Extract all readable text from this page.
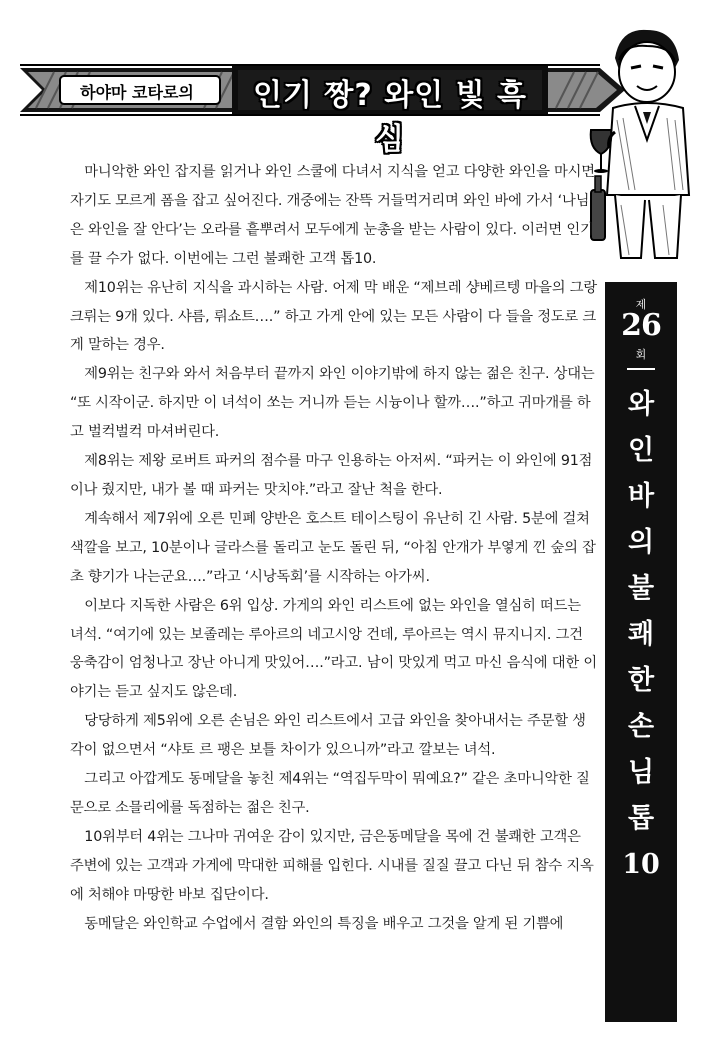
하야마 코타로의	인기 짱? 와인 빛 흑심
제
26
회
와
인
바
의
불
쾌
한
손
님
톱
10

마니악한 와인 잡지를 읽거나 와인 스쿨에 다녀서 지식을 얻고 다양한 와인을 마시면 자기도 모르게 폼을 잡고 싶어진다. 개중에는 잔뜩 거들먹거리며 와인 바에 가서 ‘나님은 와인을 잘 안다’는 오라를 흩뿌려서 모두에게 눈총을 받는 사람이 있다. 이러면 인기를 끌 수가 없다. 이번에는 그런 불쾌한 고객 톱10.

제10위는 유난히 지식을 과시하는 사람. 어제 막 배운 “제브레 샹베르텡 마을의 그랑 크뤼는 9개 있다. 샤름, 뤼쇼트….” 하고 가게 안에 있는 모든 사람이 다 들을 정도로 크게 말하는 경우.

제9위는 친구와 와서 처음부터 끝까지 와인 이야기밖에 하지 않는 젊은 친구. 상대는 “또 시작이군. 하지만 이 녀석이 쏘는 거니까 듣는 시늉이나 할까….”하고 귀마개를 하고 벌컥벌컥 마셔버린다.

제8위는 제왕 로버트 파커의 점수를 마구 인용하는 아저씨. “파커는 이 와인에 91점이나 줬지만, 내가 볼 때 파커는 맛치야.”라고 잘난 척을 한다.

계속해서 제7위에 오른 민폐 양반은 호스트 테이스팅이 유난히 긴 사람. 5분에 걸쳐 색깔을 보고, 10분이나 글라스를 돌리고 눈도 돌린 뒤, “아침 안개가 부옇게 낀 숲의 잡초 향기가 나는군요….”라고 ‘시낭독회’를 시작하는 아가씨.

이보다 지독한 사람은 6위 입상. 가게의 와인 리스트에 없는 와인을 열심히 떠드는 녀석. “여기에 있는 보졸레는 루아르의 네고시앙 건데, 루아르는 역시 뮤지니지. 그건 웅축감이 엄청나고 장난 아니게 맛있어….”라고. 남이 맛있게 먹고 마신 음식에 대한 이야기는 듣고 싶지도 않은데.

당당하게 제5위에 오른 손님은 와인 리스트에서 고급 와인을 찾아내서는 주문할 생각이 없으면서 “샤토 르 팽은 보틀 차이가 있으니까”라고 깔보는 녀석.

그리고 아깝게도 동메달을 놓친 제4위는 “역집두막이 뭐예요?” 같은 초마니악한 질문으로 소믈리에를 독점하는 젊은 친구.

10위부터 4위는 그나마 귀여운 감이 있지만, 금은동메달을 목에 건 불쾌한 고객은 주변에 있는 고객과 가게에 막대한 피해를 입힌다. 시내를 질질 끌고 다닌 뒤 참수 지옥에 처해야 마땅한 바보 집단이다.

동메달은 와인학교 수업에서 결함 와인의 특징을 배우고 그것을 알게 된 기쁨에
